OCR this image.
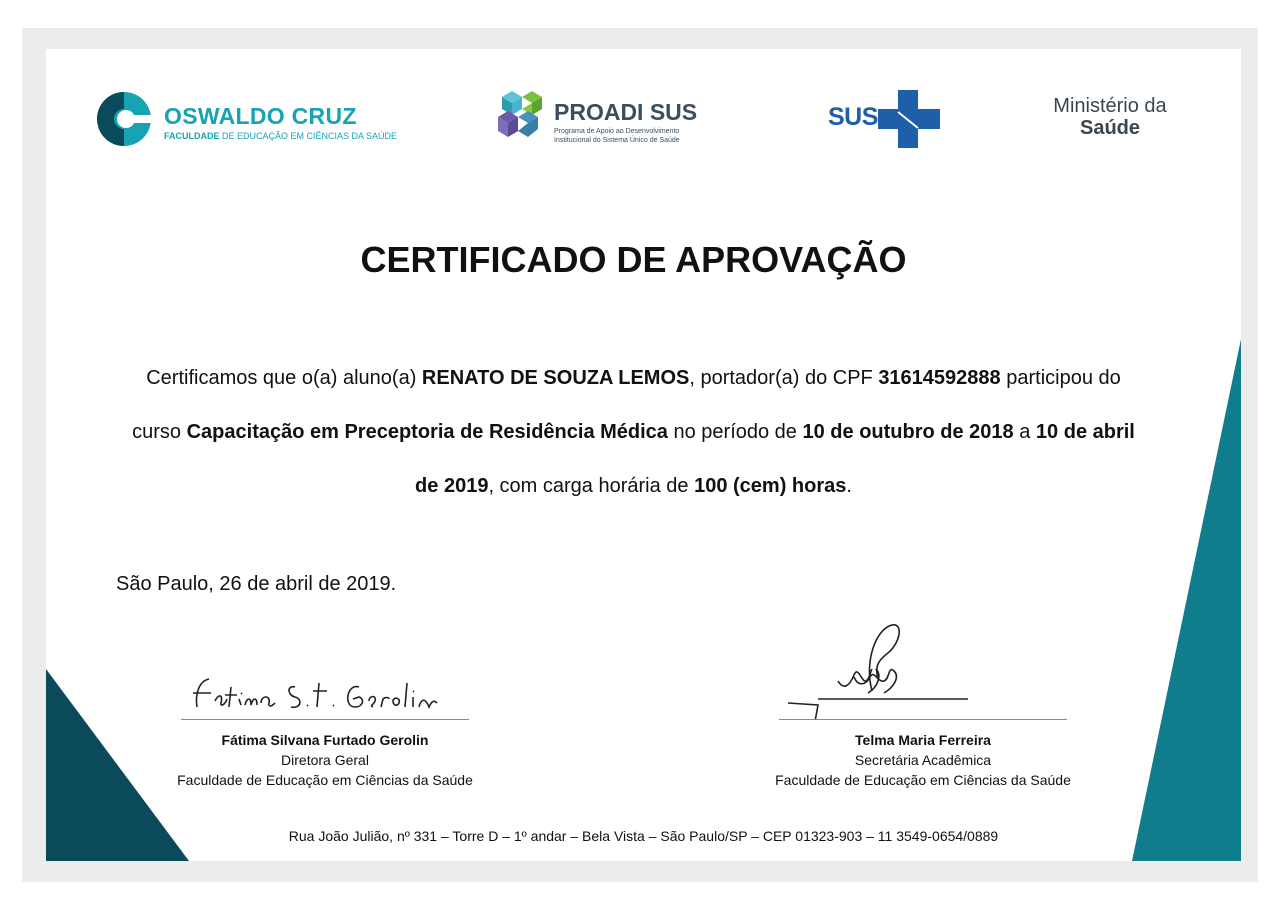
OSWALDO CRUZ
FACULDADE DE EDUCAÇÃO EM CIÊNCIAS DA SAÚDE
PROADI SUS
Programa de Apoio ao Desenvolvimento
Institucional do Sistema Único de Saúde
SUS	Ministério da
Saúde
CERTIFICADO DE APROVAÇÃO
Certificamos que o(a) aluno(a) RENATO DE SOUZA LEMOS, portador(a) do CPF 31614592888 participou do curso Capacitação em Preceptoria de Residência Médica no período de 10 de outubro de 2018 a 10 de abril de 2019, com carga horária de 100 (cem) horas.
São Paulo, 26 de abril de 2019.
Fátima Silvana Furtado Gerolin
Diretora Geral
Faculdade de Educação em Ciências da Saúde
Telma Maria Ferreira
Secretária Acadêmica
Faculdade de Educação em Ciências da Saúde
Rua João Julião, nº 331 – Torre D – 1º andar – Bela Vista – São Paulo/SP – CEP 01323-903 – 11 3549-0654/0889
